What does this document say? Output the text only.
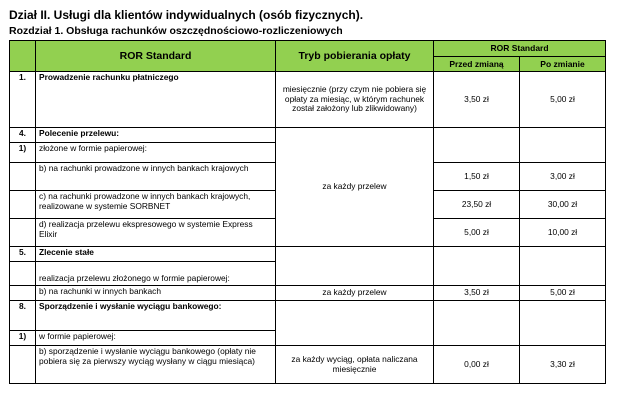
Dział II. Usługi dla klientów indywidualnych (osób fizycznych).
Rozdział 1. Obsługa rachunków oszczędnościowo-rozliczeniowych
	ROR Standard	Tryb pobierania opłaty	ROR Standard	
			Przed zmianą	Po zmianie
1.	Prowadzenie rachunku płatniczego	miesięcznie (przy czym nie pobiera się opłaty za miesiąc, w którym rachunek został założony lub zlikwidowany)	3,50 zł	5,00 zł
4.	Polecenie przelewu:	za każdy przelew		
1)	złożone w formie papierowej:			
	b) na rachunki prowadzone w innych bankach krajowych		1,50 zł	3,00 zł
	c) na rachunki prowadzone w innych bankach krajowych, realizowane w systemie SORBNET		23,50 zł	30,00 zł
	d) realizacja przelewu ekspresowego w systemie Express Elixir		5,00 zł	10,00 zł
5.	Zlecenie stałe			
	realizacja przelewu złożonego w formie papierowej:			
	b) na rachunki w innych bankach	za każdy przelew	3,50 zł	5,00 zł
8.	Sporządzenie i wysłanie wyciągu bankowego:			
1)	w formie papierowej:			
	b) sporządzenie i wysłanie wyciągu bankowego (opłaty nie pobiera się za pierwszy wyciąg wysłany w ciągu miesiąca)	za każdy wyciąg, opłata naliczana miesięcznie	0,00 zł	3,30 zł
